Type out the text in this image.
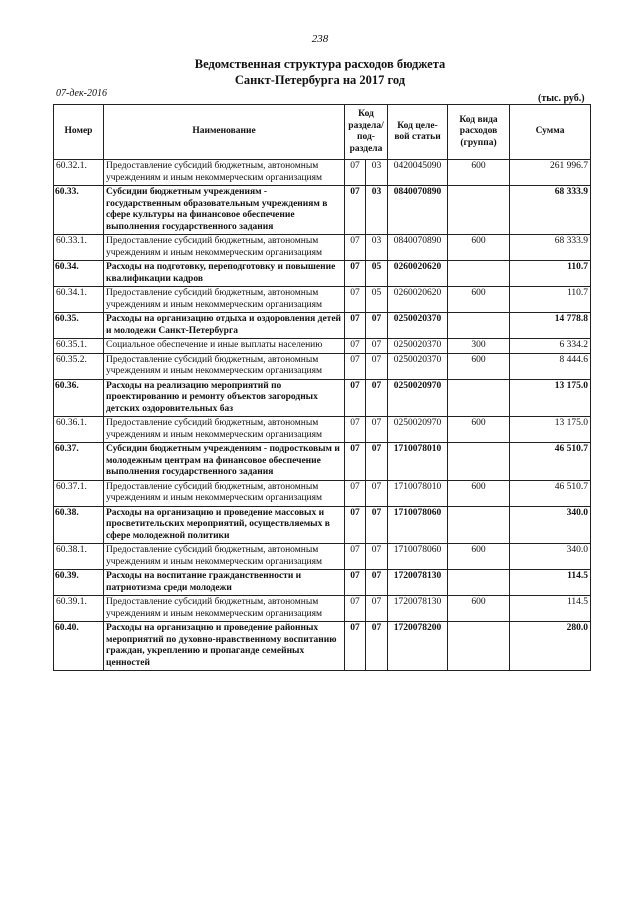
238
Ведомственная структура расходов бюджета
Санкт-Петербурга на 2017 год
07-дек-2016	(тыс. руб.)
Номер	Наименование	Код раздела/ под-раздела		Код целе-вой статьи	Код вида расходов (группа)	Сумма
60.32.1.	Предоставление субсидий бюджетным, автономным учреждениям и иным некоммерческим организациям	07	03	0420045090	600	261 996.7
60.33.	Субсидии бюджетным учреждениям - государственным образовательным учреждениям в сфере культуры на финансовое обеспечение выполнения государственного задания	07	03	0840070890		68 333.9
60.33.1.	Предоставление субсидий бюджетным, автономным учреждениям и иным некоммерческим организациям	07	03	0840070890	600	68 333.9
60.34.	Расходы на подготовку, переподготовку и повышение квалификации кадров	07	05	0260020620		110.7
60.34.1.	Предоставление субсидий бюджетным, автономным учреждениям и иным некоммерческим организациям	07	05	0260020620	600	110.7
60.35.	Расходы на организацию отдыха и оздоровления детей и молодежи Санкт-Петербурга	07	07	0250020370		14 778.8
60.35.1.	Социальное обеспечение и иные выплаты населению	07	07	0250020370	300	6 334.2
60.35.2.	Предоставление субсидий бюджетным, автономным учреждениям и иным некоммерческим организациям	07	07	0250020370	600	8 444.6
60.36.	Расходы на реализацию мероприятий по проектированию и ремонту объектов загородных детских оздоровительных баз	07	07	0250020970		13 175.0
60.36.1.	Предоставление субсидий бюджетным, автономным учреждениям и иным некоммерческим организациям	07	07	0250020970	600	13 175.0
60.37.	Субсидии бюджетным учреждениям - подростковым и молодежным центрам на финансовое обеспечение выполнения государственного задания	07	07	1710078010		46 510.7
60.37.1.	Предоставление субсидий бюджетным, автономным учреждениям и иным некоммерческим организациям	07	07	1710078010	600	46 510.7
60.38.	Расходы на организацию и проведение массовых и просветительских мероприятий, осуществляемых в сфере молодежной политики	07	07	1710078060		340.0
60.38.1.	Предоставление субсидий бюджетным, автономным учреждениям и иным некоммерческим организациям	07	07	1710078060	600	340.0
60.39.	Расходы на воспитание гражданственности и патриотизма среди молодежи	07	07	1720078130		114.5
60.39.1.	Предоставление субсидий бюджетным, автономным учреждениям и иным некоммерческим организациям	07	07	1720078130	600	114.5
60.40.	Расходы на организацию и проведение районных мероприятий по духовно-нравственному воспитанию граждан, укреплению и пропаганде семейных ценностей	07	07	1720078200		280.0
